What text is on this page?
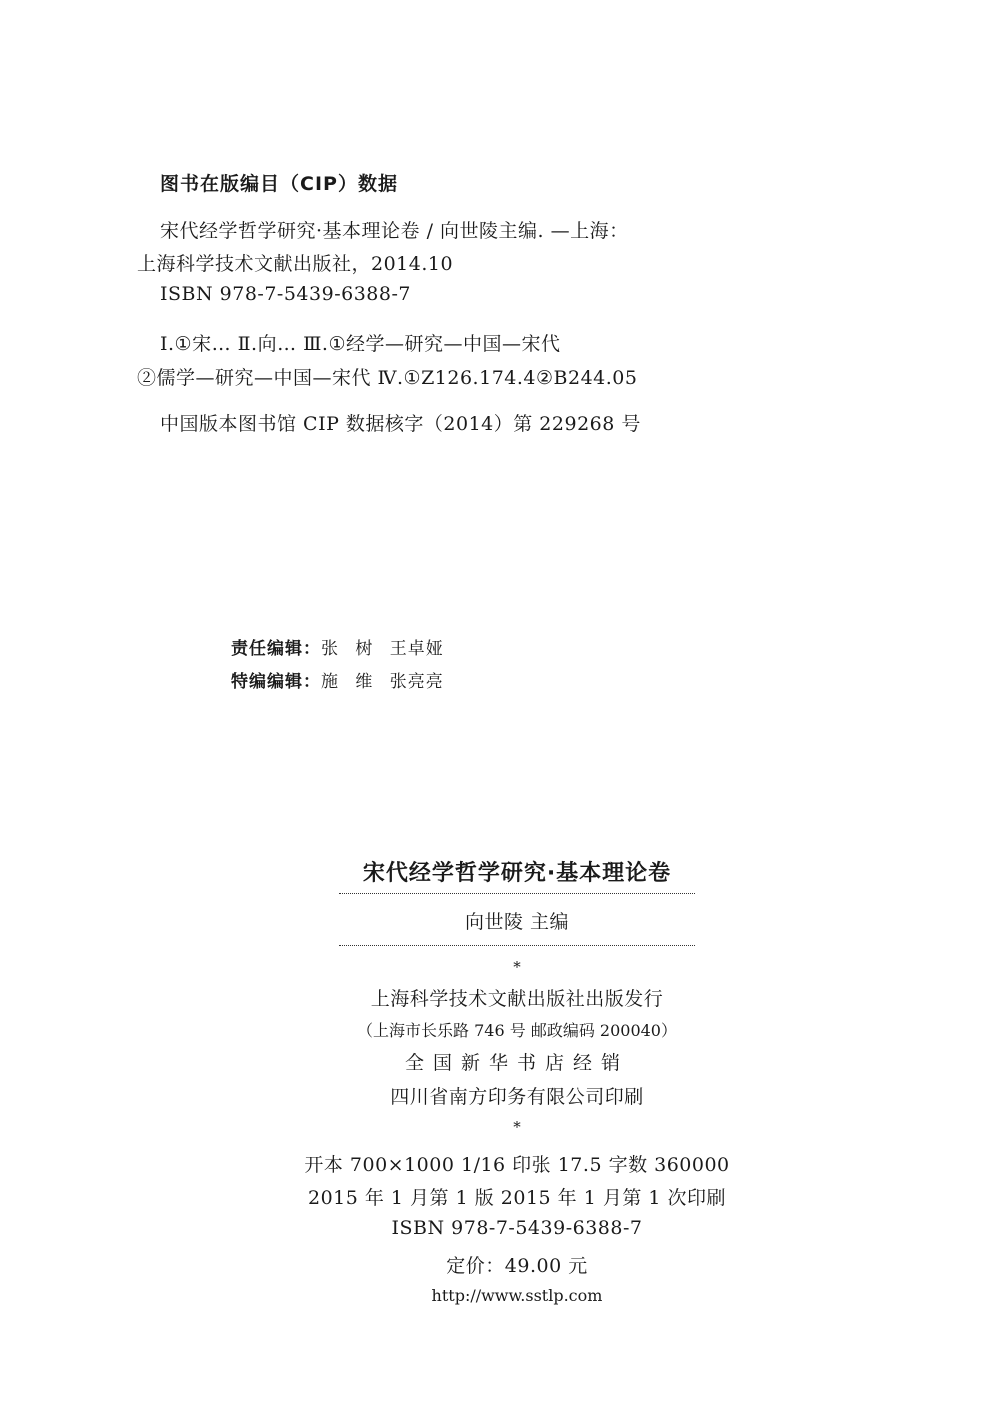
图书在版编目（CIP）数据
宋代经学哲学研究·基本理论卷 / 向世陵主编. —上海：
上海科学技术文献出版社，2014.10
ISBN 978-7-5439-6388-7
Ⅰ.①宋… Ⅱ.向… Ⅲ.①经学—研究—中国—宋代
②儒学—研究—中国—宋代 Ⅳ.①Z126.174.4②B244.05
中国版本图书馆 CIP 数据核字（2014）第 229268 号
责任编辑：张 树 王卓娅
特编编辑：施 维 张亮亮
宋代经学哲学研究·基本理论卷
向世陵 主编
*
上海科学技术文献出版社出版发行
（上海市长乐路 746 号 邮政编码 200040）
全国新华书店经销
四川省南方印务有限公司印刷
*
开本 700×1000 1/16 印张 17.5 字数 360000
2015 年 1 月第 1 版 2015 年 1 月第 1 次印刷
ISBN 978-7-5439-6388-7
定价：49.00 元
http://www.sstlp.com
